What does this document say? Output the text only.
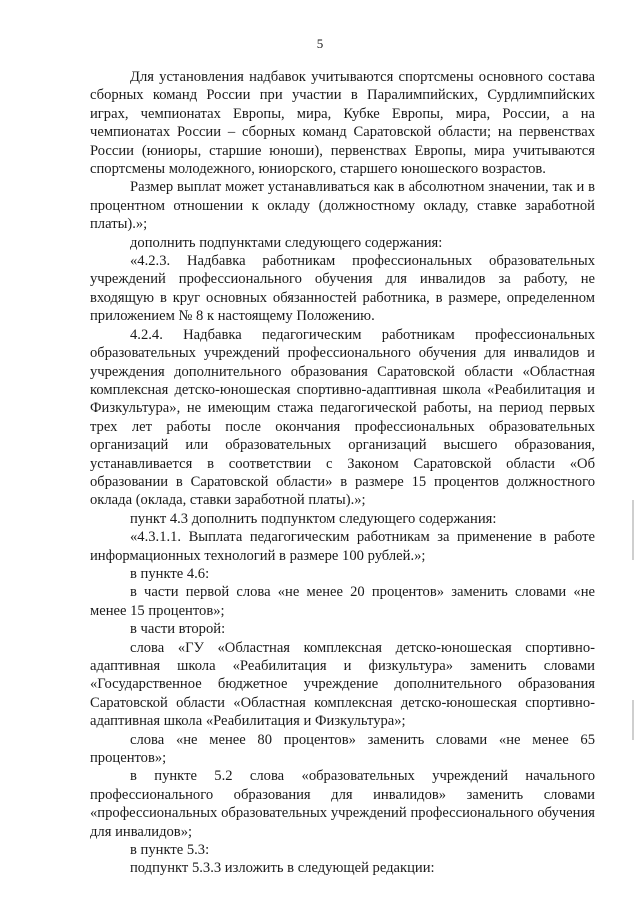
5

Для установления надбавок учитываются спортсмены основного состава сборных команд России при участии в Паралимпийских, Сурдлимпийских играх, чемпионатах Европы, мира, Кубке Европы, мира, России, а на чемпионатах России – сборных команд Саратовской области; на первенствах России (юниоры, старшие юноши), первенствах Европы, мира учитываются спортсмены молодежного, юниорского, старшего юношеского возрастов.

Размер выплат может устанавливаться как в абсолютном значении, так и в процентном отношении к окладу (должностному окладу, ставке заработной платы).»;

дополнить подпунктами следующего содержания:

«4.2.3. Надбавка работникам профессиональных образовательных учреждений профессионального обучения для инвалидов за работу, не входящую в круг основных обязанностей работника, в размере, определенном приложением № 8 к настоящему Положению.

4.2.4. Надбавка педагогическим работникам профессиональных образовательных учреждений профессионального обучения для инвалидов и учреждения дополнительного образования Саратовской области «Областная комплексная детско-юношеская спортивно-адаптивная школа «Реабилитация и Физкультура», не имеющим стажа педагогической работы, на период первых трех лет работы после окончания профессиональных образовательных организаций или образовательных организаций высшего образования, устанавливается в соответствии с Законом Саратовской области «Об образовании в Саратовской области» в размере 15 процентов должностного оклада (оклада, ставки заработной платы).»;

пункт 4.3 дополнить подпунктом следующего содержания:

«4.3.1.1. Выплата педагогическим работникам за применение в работе информационных технологий в размере 100 рублей.»;

в пункте 4.6:

в части первой слова «не менее 20 процентов» заменить словами «не менее 15 процентов»;

в части второй:

слова «ГУ «Областная комплексная детско-юношеская спортивно-адаптивная школа «Реабилитация и физкультура» заменить словами «Государственное бюджетное учреждение дополнительного образования Саратовской области «Областная комплексная детско-юношеская спортивно-адаптивная школа «Реабилитация и Физкультура»;

слова «не менее 80 процентов» заменить словами «не менее 65 процентов»;

в пункте 5.2 слова «образовательных учреждений начального профессионального образования для инвалидов» заменить словами «профессиональных образовательных учреждений профессионального обучения для инвалидов»;

в пункте 5.3:

подпункт 5.3.3 изложить в следующей редакции:
